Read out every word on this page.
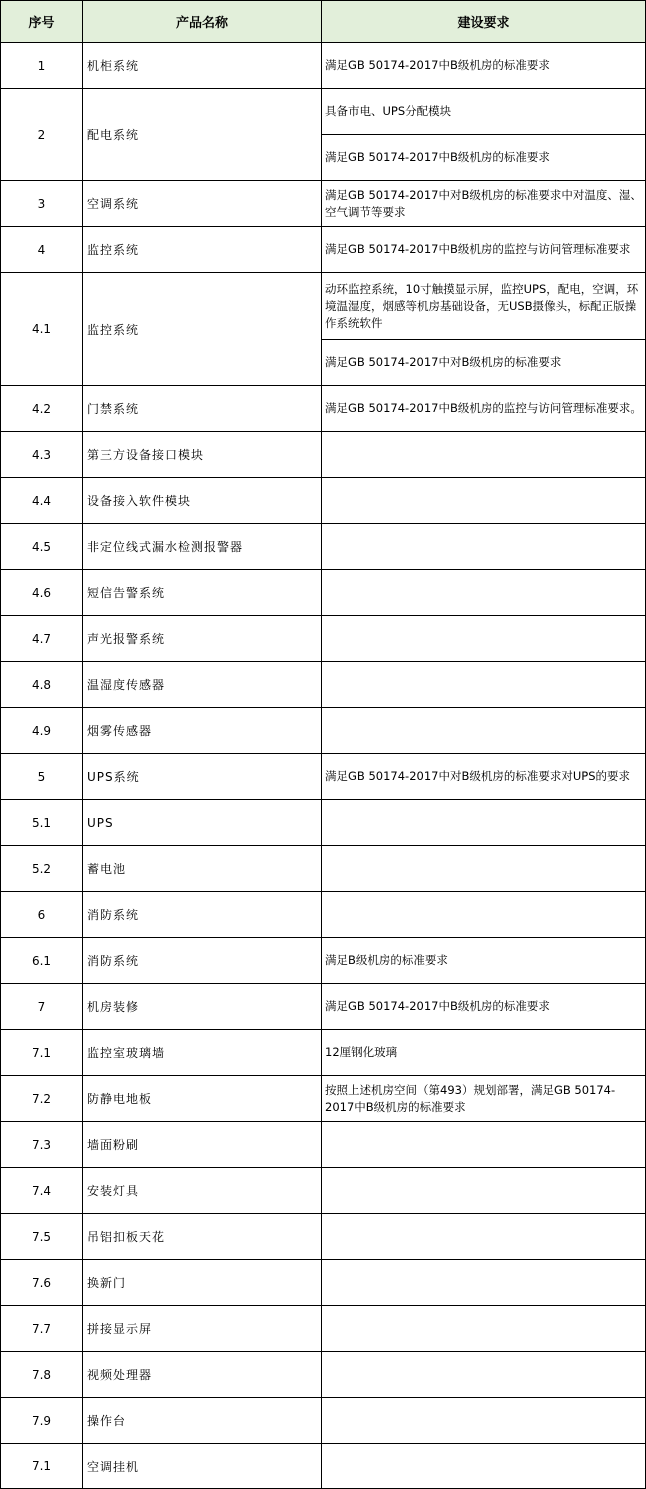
序号	产品名称	建设要求
1	机柜系统	满足GB 50174-2017中B级机房的标准要求
2	配电系统	具备市电、UPS分配模块
		满足GB 50174-2017中B级机房的标准要求
3	空调系统	满足GB 50174-2017中对B级机房的标准要求中对温度、湿、空气调节等要求
4	监控系统	满足GB 50174-2017中B级机房的监控与访问管理标准要求
4.1	监控系统	动环监控系统，10寸触摸显示屏，监控UPS，配电，空调，环境温湿度，烟感等机房基础设备，无USB摄像头，标配正版操作系统软件
		满足GB 50174-2017中对B级机房的标准要求
4.2	门禁系统	满足GB 50174-2017中B级机房的监控与访问管理标准要求。
4.3	第三方设备接口模块	
4.4	设备接入软件模块	
4.5	非定位线式漏水检测报警器	
4.6	短信告警系统	
4.7	声光报警系统	
4.8	温湿度传感器	
4.9	烟雾传感器	
5	UPS系统	满足GB 50174-2017中对B级机房的标准要求对UPS的要求
5.1	UPS	
5.2	蓄电池	
6	消防系统	
6.1	消防系统	满足B级机房的标准要求
7	机房装修	满足GB 50174-2017中B级机房的标准要求
7.1	监控室玻璃墙	12厘钢化玻璃
7.2	防静电地板	按照上述机房空间（第493）规划部署，满足GB 50174-2017中B级机房的标准要求
7.3	墙面粉刷	
7.4	安装灯具	
7.5	吊铝扣板天花	
7.6	换新门	
7.7	拼接显示屏	
7.8	视频处理器	
7.9	操作台	
7.1	空调挂机	
